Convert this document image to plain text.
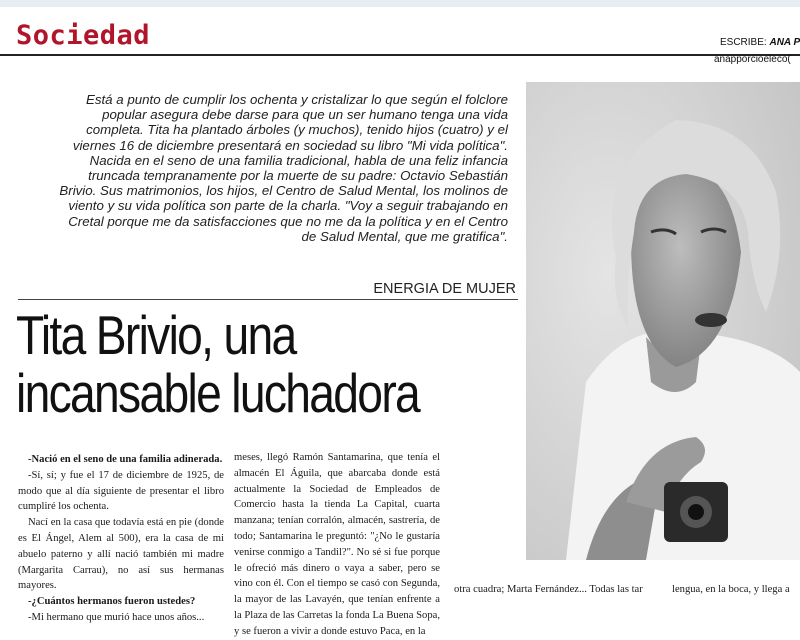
Sociedad	ESCRIBE: ANA P
anapporcioeleco(

Está a punto de cumplir los ochenta y cristalizar lo que según el folclore popular asegura debe darse para que un ser humano tenga una vida completa. Tita ha plantado árboles (y muchos), tenido hijos (cuatro) y el viernes 16 de diciembre presentará en sociedad su libro "Mi vida política". Nacida en el seno de una familia tradicional, habla de una feliz infancia truncada tempranamente por la muerte de su padre: Octavio Sebastián Brivio. Sus matrimonios, los hijos, el Centro de Salud Mental, los molinos de viento y su vida política son parte de la charla. "Voy a seguir trabajando en Cretal porque me da satisfacciones que no me da la política y en el Centro de Salud Mental, que me gratifica".

ENERGIA DE MUJER
Tita Brivio, una
incansable luchadora

-Nació en el seno de una familia adinerada.

-Sí, sí; y fue el 17 de diciembre de 1925, de modo que al día siguiente de presentar el libro cumpliré los ochenta.

Nací en la casa que todavía está en pie (donde es El Ángel, Alem al 500), era la casa de mi abuelo paterno y allí nació también mi madre (Margarita Carrau), no así sus hermanas mayores.

-¿Cuántos hermanos fueron ustedes?

-Mi hermano que murió hace unos años...

meses, llegó Ramón Santamarina, que tenía el almacén El Águila, que abarcaba donde está actualmente la Sociedad de Empleados de Comercio hasta la tienda La Capital, cuarta manzana; tenían corralón, almacén, sastrería, de todo; Santamarina le preguntó: "¿No le gustaría venirse conmigo a Tandil?". No sé si fue porque le ofreció más dinero o vaya a saber, pero se vino con él. Con el tiempo se casó con Segunda, la mayor de las Lavayén, que tenían enfrente a la Plaza de las Carretas la fonda La Buena Sopa, y se fueron a vivir a donde estuvo Paca, en la

otra cuadra; Marta Fernández... Todas las tar	lengua, en la boca, y llega a
